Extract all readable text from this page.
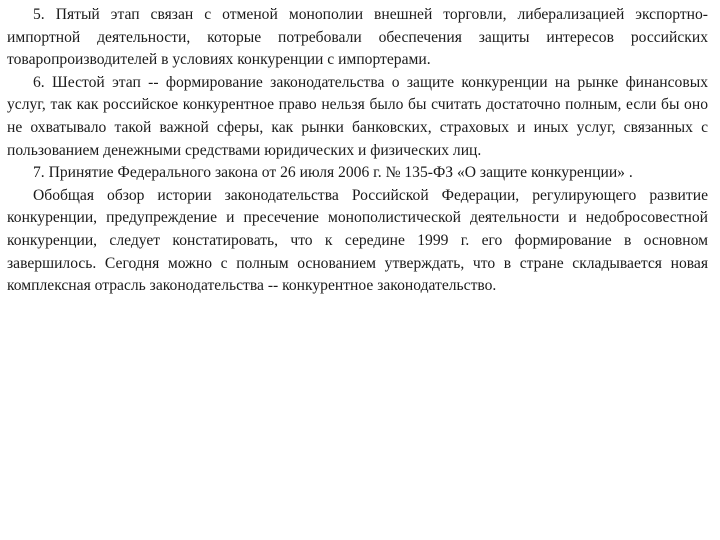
5. Пятый этап связан с отменой монополии внешней торговли, либерализацией экспортно-импортной деятельности, которые потребовали обеспечения защиты интересов российских товаропроизводителей в условиях конкуренции с импортерами.

6. Шестой этап -- формирование законодательства о защите конкуренции на рынке финансовых услуг, так как российское конкурентное право нельзя было бы считать достаточно полным, если бы оно не охватывало такой важной сферы, как рынки банковских, страховых и иных услуг, связанных с пользованием денежными средствами юридических и физических лиц.

7. Принятие Федерального закона от 26 июля 2006 г. № 135-ФЗ «О защите конкуренции» .

Обобщая обзор истории законодательства Российской Федерации, регулирующего развитие конкуренции, предупреждение и пресечение монополистической деятельности и недобросовестной конкуренции, следует констатировать, что к середине 1999 г. его формирование в основном завершилось. Сегодня можно с полным основанием утверждать, что в стране складывается новая комплексная отрасль законодательства -- конкурентное законодательство.
